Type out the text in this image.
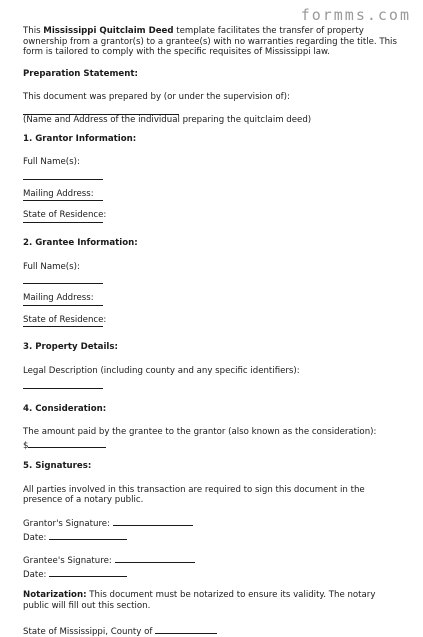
formms.com

This Mississippi Quitclaim Deed template facilitates the transfer of property ownership from a grantor(s) to a grantee(s) with no warranties regarding the title. This form is tailored to comply with the specific requisites of Mississippi law.

Preparation Statement:

This document was prepared by (or under the supervision of):

(Name and Address of the individual preparing the quitclaim deed)

1. Grantor Information:

Full Name(s):

Mailing Address:

State of Residence:

2. Grantee Information:

Full Name(s):

Mailing Address:

State of Residence:

3. Property Details:

Legal Description (including county and any specific identifiers):

4. Consideration:

The amount paid by the grantee to the grantor (also known as the consideration):

$

5. Signatures:

All parties involved in this transaction are required to sign this document in the presence of a notary public.

Grantor's Signature:

Date:

Grantee's Signature:

Date:

Notarization: This document must be notarized to ensure its validity. The notary public will fill out this section.

State of Mississippi, County of
